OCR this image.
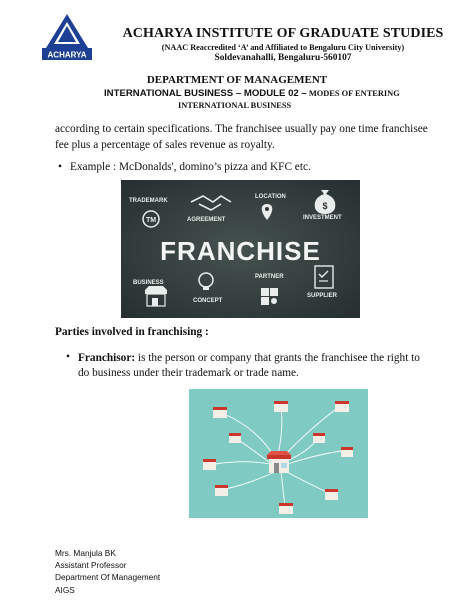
ACHARYA
ACHARYA INSTITUTE OF GRADUATE STUDIES
(NAAC Reaccredited ‘A’ and Affiliated to Bengaluru City University)
Soldevanahalli, Bengaluru-560107
DEPARTMENT OF MANAGEMENT
INTERNATIONAL BUSINESS – MODULE 02 – MODES OF ENTERING
INTERNATIONAL BUSINESS
according to certain specifications. The franchisee usually pay one time franchisee
fee plus a percentage of sales revenue as royalty.
• Example : McDonalds', domino’s pizza and KFC etc.
TRADEMARK
AGREEMENT
LOCATION
INVESTMENT
BUSINESS
CONCEPT
PARTNER
SUPPLIER
TM
$
FRANCHISE
Parties involved in franchising :
• Franchisor: is the person or company that grants the franchisee the right to
do business under their trademark or trade name.
Mrs. Manjula BK
Assistant Professor
Department Of Management
AIGS
